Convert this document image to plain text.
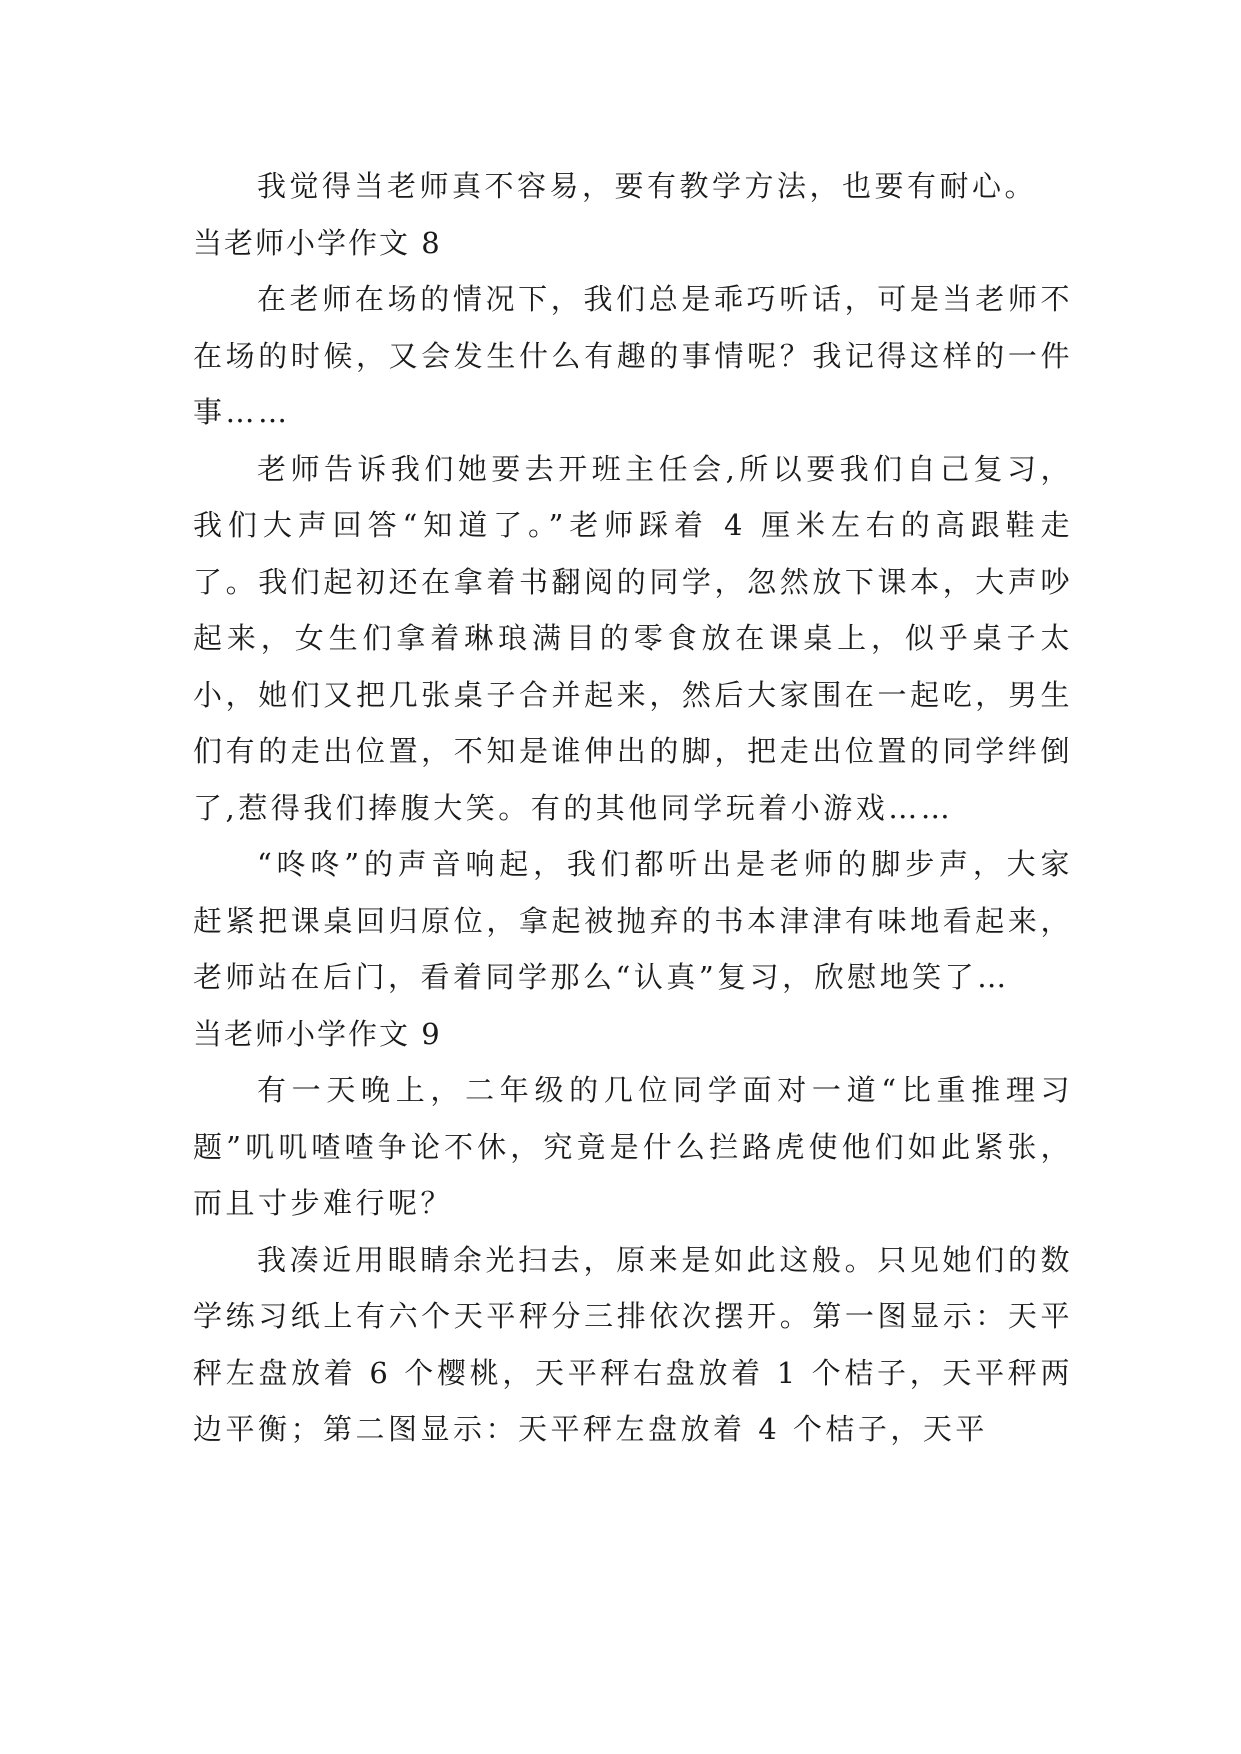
我觉得当老师真不容易，要有教学方法，也要有耐心。

当老师小学作文 8

在老师在场的情况下，我们总是乖巧听话，可是当老师不在场的时候，又会发生什么有趣的事情呢？我记得这样的一件事……

老师告诉我们她要去开班主任会,所以要我们自己复习，我们大声回答“知道了。”老师踩着 4 厘米左右的高跟鞋走了。我们起初还在拿着书翻阅的同学，忽然放下课本，大声吵起来，女生们拿着琳琅满目的零食放在课桌上，似乎桌子太小，她们又把几张桌子合并起来，然后大家围在一起吃，男生们有的走出位置，不知是谁伸出的脚，把走出位置的同学绊倒了,惹得我们捧腹大笑。有的其他同学玩着小游戏……

“咚咚”的声音响起，我们都听出是老师的脚步声，大家赶紧把课桌回归原位，拿起被抛弃的书本津津有味地看起来，老师站在后门，看着同学那么“认真”复习，欣慰地笑了…

当老师小学作文 9

有一天晚上，二年级的几位同学面对一道“比重推理习题”叽叽喳喳争论不休，究竟是什么拦路虎使他们如此紧张，而且寸步难行呢？

我凑近用眼睛余光扫去，原来是如此这般。只见她们的数学练习纸上有六个天平秤分三排依次摆开。第一图显示：天平秤左盘放着 6 个樱桃，天平秤右盘放着 1 个桔子，天平秤两边平衡；第二图显示：天平秤左盘放着 4 个桔子，天平
